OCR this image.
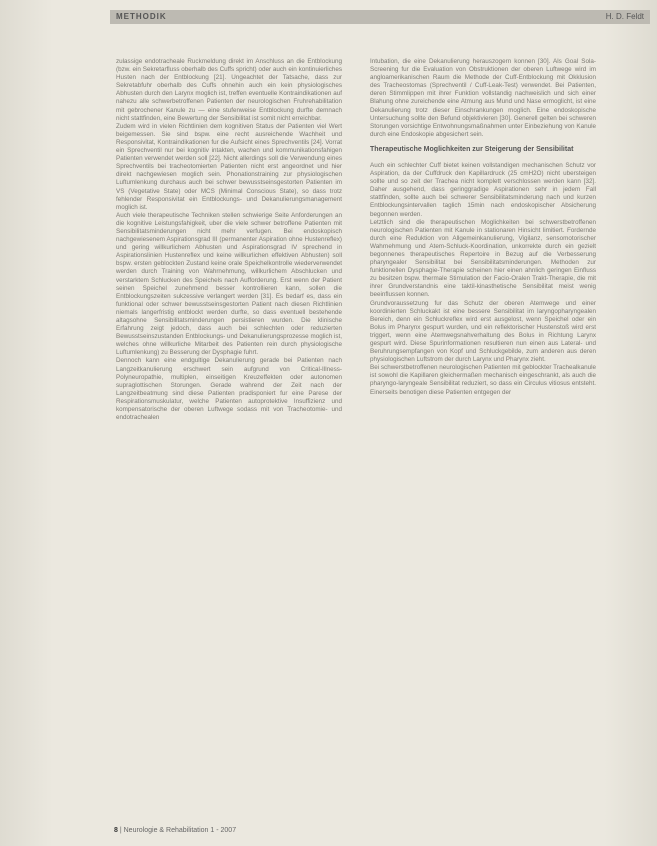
METHODIK	H. D. Feldt

zulassige endotracheale Ruckmeldung direkt im Anschluss an die Entblockung (bzw. ein Sekretarfluss oberhalb des Cuffs spricht) oder auch ein kontinuierliches Husten nach der Entblockung [21]. Ungeachtet der Tatsache, dass zur Sekretabfuhr oberhalb des Cuffs ohnehin auch ein kein physiologisches Abhusten durch den Larynx moglich ist, treffen eventuelle Kontraindikationen auf nahezu alle schwerbetroffenen Patienten der neurologischen Fruhrehabilitation mit gebrochener Kanule zu — eine stufenweise Entblockung durfte demnach nicht stattfinden, eine Bewertung der Sensibilitat ist somit nicht erreichbar.

Zudem wird in vielen Richtlinien dem kognitiven Status der Patienten viel Wert beigemessen. Sie sind bspw. eine recht ausreichende Wachheit und Responsivitat, Kontraindikationen fur die Aufsicht eines Sprechventils [24]. Vorrat ein Sprechventil nur bei kognitiv intakten, wachen und kommunikationsfahigen Patienten verwendet werden soll [22]. Nicht allerdings soll die Verwendung eines Sprechventils bei tracheotomierten Patienten nicht erst angeordnet und hier direkt nachgewiesen moglich sein. Phonationstraining zur physiologischen Luftumlenkung durchaus auch bei schwer bewusstseinsgestorten Patienten im VS (Vegetative State) oder MCS (Minimal Conscious State), so dass trotz fehlender Responsivitat ein Entblockungs- und Dekanulierungsmanagement moglich ist.

Auch viele therapeutische Techniken stellen schwierige Seite Anforderungen an die kognitive Leistungsfahigkeit, uber die viele schwer betroffene Patienten mit Sensibilitatsminderungen nicht mehr verfugen. Bei endoskopisch nachgewiesenem Aspirationsgrad III (permanenter Aspiration ohne Hustenreflex) und gering willkurlichem Abhusten und Aspirationsgrad IV sprechend in Aspirationslinien Hustenreflex und keine willkurlichen effektiven Abhusten) soll bspw. ersten geblockten Zustand keine orale Speichelkontrolle wiederverwendet werden durch Training von Wahrnehmung, willkurlichem Abschlucken und verstarktem Schlucken des Speichels nach Aufforderung. Erst wenn der Patient seinen Speichel zunehmend besser kontrollieren kann, sollen die Entblockungszeiten sukzessive verlangert werden [31]. Es bedarf es, dass ein funktional oder schwer bewusstseinsgestorten Patient nach diesen Richtlinien niemals langerfristig entblockt werden durfte, so dass eventuell bestehende altagsohne Sensibilitatsminderungen persistieren wurden. Die klinische Erfahrung zeigt jedoch, dass auch bei schlechten oder reduzierten Bewusstseinszustanden Entblockungs- und Dekanulierungsprozesse moglich ist, welches ohne willkurliche Mitarbeit des Patienten rein durch physiologische Luftumlenkung) zu Besserung der Dysphagie fuhrt.

Dennoch kann eine endgultige Dekanulierung gerade bei Patienten nach Langzeitkanulierung erschwert sein aufgrund von Critical-Illness-Polyneuropathie, multiplen, einseitigen Kreuzeffekten oder autonomen supraglottischen Storungen. Gerade wahrend der Zeit nach der Langzeitbeatmung sind diese Patienten pradisponiert fur eine Parese der Respirationsmuskulatur, welche Patienten autoprotektive Insuffizienz und kompensatorische der oberen Luftwege sodass mit von Tracheotomie- und endotrachealen

Intubation, die eine Dekanulierung herauszogern konnen [30]. Als Goal Sola-Screening fur die Evaluation von Obstruktionen der oberen Luftwege wird im angloamerikanischen Raum die Methode der Cuff-Entblockung mit Okklusion des Tracheostomas (Sprechventil / Cuff-Leak-Test) verwendet. Bei Patienten, deren Stimmlippen mit ihrer Funktion vollstandig nachweislich und sich einer Blahung ohne zureichende eine Atmung aus Mund und Nase ermoglicht, ist eine Dekanulierung trotz dieser Einschrankungen moglich. Eine endoskopische Untersuchung sollte den Befund objektivieren [30]. Generell gelten bei schweren Storungen vorsichtige Entwohnungsmaßnahmen unter Einbeziehung von Kanule durch eine Endoskopie abgesichert sein.

Therapeutische Moglichkeiten zur Steigerung der Sensibilitat

Auch ein schlechter Cuff bietet keinen vollstandigen mechanischen Schutz vor Aspiration, da der Cuffdruck den Kapillardruck (25 cmH2O) nicht ubersteigen sollte und so zeit der Trachea nicht komplett verschlossen werden kann [32]. Daher ausgehend, dass geringgradige Aspirationen sehr in jedem Fall stattfinden, sollte auch bei schwerer Sensibilitatsminderung nach und kurzen Entblockungsintervallen taglich 15min nach endoskopischer Absicherung begonnen werden.

Letztlich sind die therapeutischen Moglichkeiten bei schwerstbetroffenen neurologischen Patienten mit Kanule in stationaren Hinsicht limitiert. Fordernde durch eine Reduktion von Allgemeinkanulierung, Vigilanz, sensomotorischer Wahrnehmung und Atem-Schluck-Koordination, unkorrekte durch ein gezielt begonnenes therapeutisches Repertoire in Bezug auf die Verbesserung pharyngealer Sensibilitat bei Sensibilitatsminderungen. Methoden zur funktionellen Dysphagie-Therapie scheinen hier einen ahnlich geringen Einfluss zu besitzen bspw. thermale Stimulation der Facio-Oralen Trakt-Therapie, die mit ihrer Grundverstandnis eine taktil-kinasthetische Sensibilitat meist wenig beeinflussen konnen.

Grundvoraussetzung fur das Schutz der oberen Atemwege und einer koordinierten Schluckakt ist eine bessere Sensibilitat im laryngopharyngealen Bereich, denn ein Schluckreflex wird erst ausgelost, wenn Speichel oder ein Bolus im Pharynx gespurt wurden, und ein reflektorischer Hustenstoß wird erst triggert, wenn eine Atemwegsnahverhaltung des Bolus in Richtung Larynx gespurt wird. Diese Spurinformationen resultieren nun einen aus Lateral- und Beruhrungsempfangen von Kopf und Schluckgebilde, zum anderen aus deren physiologischen Luftstrom der durch Larynx und Pharynx zieht.

Bei schwerstbetroffenen neurologischen Patienten mit geblockter Trachealkanule ist sowohl die Kapillaren gleichermaßen mechanisch eingeschrankt, als auch die pharyngo-laryngeale Sensibilitat reduziert, so dass ein Circulus vitiosus entsteht. Einerseits benotigen diese Patienten entgegen der

8 | Neurologie & Rehabilitation 1 - 2007
